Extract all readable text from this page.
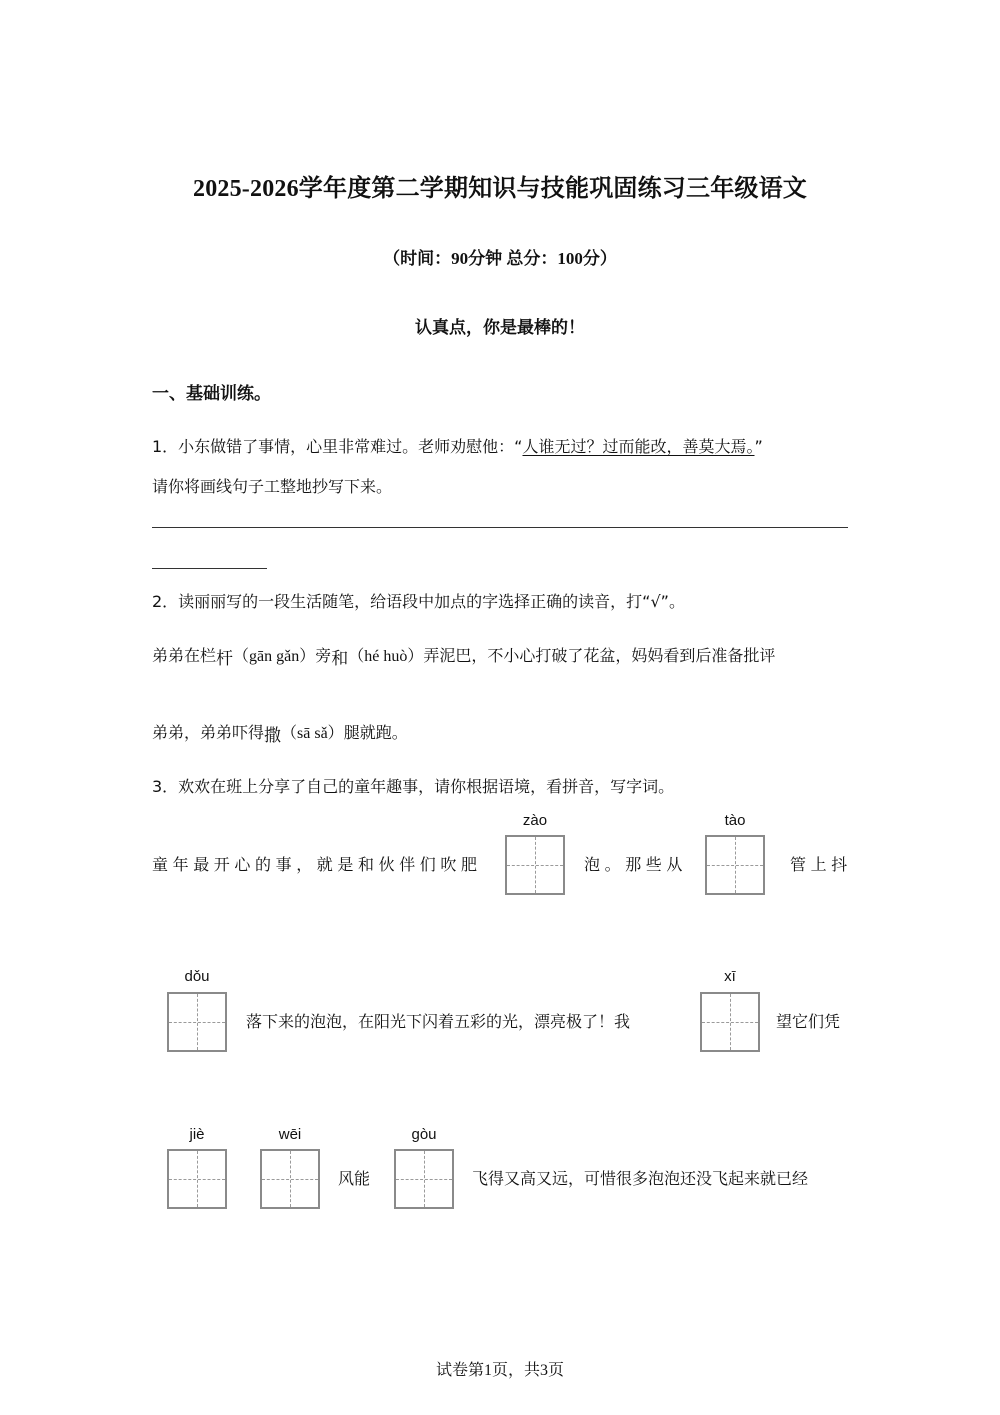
2025-2026学年度第二学期知识与技能巩固练习三年级语文
（时间：90分钟 总分：100分）
认真点，你是最棒的！
一、基础训练。
1．小东做错了事情，心里非常难过。老师劝慰他：“人谁无过？过而能改，善莫大焉。”
请你将画线句子工整地抄写下来。
2．读丽丽写的一段生活随笔，给语段中加点的字选择正确的读音，打“√”。
弟弟在栏杆（gān gǎn）旁和（hé huò）弄泥巴，不小心打破了花盆，妈妈看到后准备批评
弟弟，弟弟吓得撒（sā sǎ）腿就跑。
3．欢欢在班上分享了自己的童年趣事，请你根据语境，看拼音，写字词。
童年最开心的事，就是和伙伴们吹肥
zào
泡。那些从
tào
管上抖
dǒu
落下来的泡泡，在阳光下闪着五彩的光，漂亮极了！我
xī
望它们凭
jiè	wēi
风能
gòu
飞得又高又远，可惜很多泡泡还没飞起来就已经
试卷第1页，共3页
